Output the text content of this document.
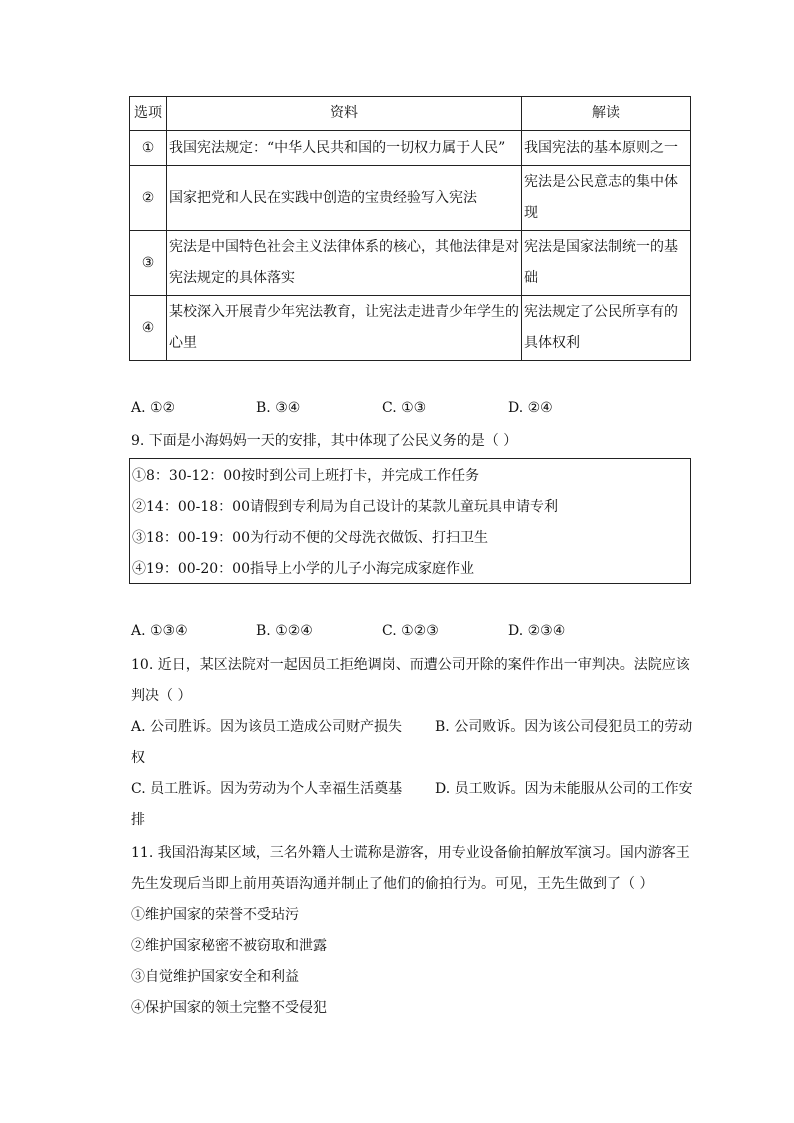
选项	资料	解读
①	我国宪法规定：“中华人民共和国的一切权力属于人民”	我国宪法的基本原则之一
②	国家把党和人民在实践中创造的宝贵经验写入宪法	宪法是公民意志的集中体
现
③	宪法是中国特色社会主义法律体系的核心，其他法律是对
宪法规定的具体落实	宪法是国家法制统一的基
础
④	某校深入开展青少年宪法教育，让宪法走进青少年学生的
心里	宪法规定了公民所享有的
具体权利
A. ①②	B. ③④	C. ①③	D. ②④
9. 下面是小海妈妈一天的安排，其中体现了公民义务的是（ ）
①8：30-12：00按时到公司上班打卡，并完成工作任务
②14：00-18：00请假到专利局为自己设计的某款儿童玩具申请专利
③18：00-19：00为行动不便的父母洗衣做饭、打扫卫生
④19：00-20：00指导上小学的儿子小海完成家庭作业
A. ①③④	B. ①②④	C. ①②③	D. ②③④
10. 近日，某区法院对一起因员工拒绝调岗、而遭公司开除的案件作出一审判决。法院应该
判决（ ）
A. 公司胜诉。因为该员工造成公司财产损失 B. 公司败诉。因为该公司侵犯员工的劳动
权
C. 员工胜诉。因为劳动为个人幸福生活奠基 D. 员工败诉。因为未能服从公司的工作安
排
11. 我国沿海某区域，三名外籍人士谎称是游客，用专业设备偷拍解放军演习。国内游客王
先生发现后当即上前用英语沟通并制止了他们的偷拍行为。可见，王先生做到了（ ）
①维护国家的荣誉不受玷污
②维护国家秘密不被窃取和泄露
③自觉维护国家安全和利益
④保护国家的领土完整不受侵犯
